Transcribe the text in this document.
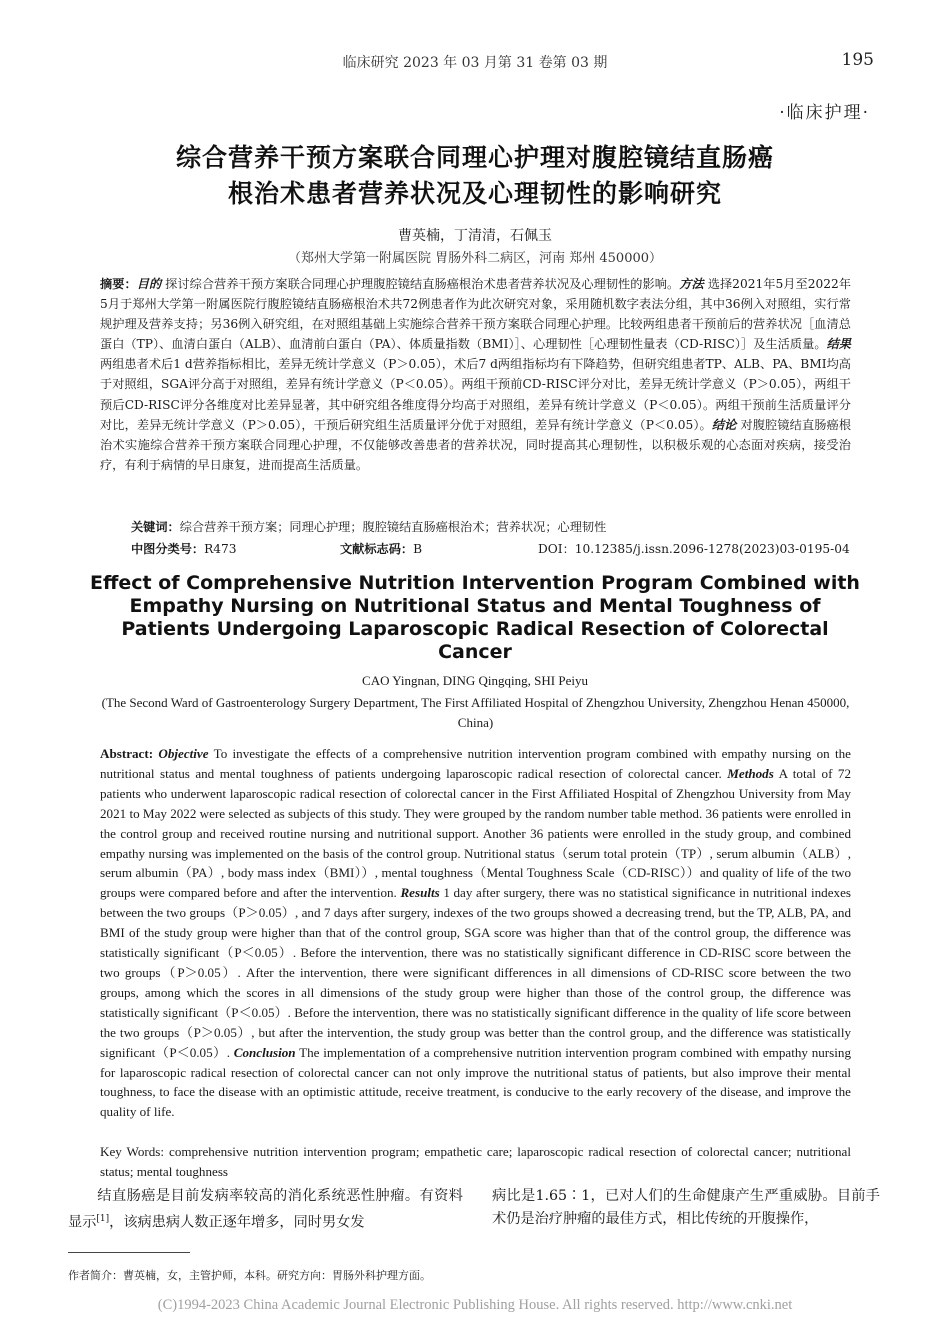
临床研究 2023 年 03 月第 31 卷第 03 期	195
·临床护理·
综合营养干预方案联合同理心护理对腹腔镜结直肠癌
根治术患者营养状况及心理韧性的影响研究
曹英楠，丁清清，石佩玉
（郑州大学第一附属医院 胃肠外科二病区，河南 郑州 450000）
摘要：目的 探讨综合营养干预方案联合同理心护理腹腔镜结直肠癌根治术患者营养状况及心理韧性的影响。方法 选择2021年5月至2022年5月于郑州大学第一附属医院行腹腔镜结直肠癌根治术共72例患者作为此次研究对象，采用随机数字表法分组，其中36例入对照组，实行常规护理及营养支持；另36例入研究组，在对照组基础上实施综合营养干预方案联合同理心护理。比较两组患者干预前后的营养状况［血清总蛋白（TP）、血清白蛋白（ALB）、血清前白蛋白（PA）、体质量指数（BMI）］、心理韧性［心理韧性量表（CD-RISC）］及生活质量。结果 两组患者术后1 d营养指标相比，差异无统计学意义（P＞0.05），术后7 d两组指标均有下降趋势，但研究组患者TP、ALB、PA、BMI均高于对照组，SGA评分高于对照组，差异有统计学意义（P＜0.05）。两组干预前CD-RISC评分对比，差异无统计学意义（P＞0.05），两组干预后CD-RISC评分各维度对比差异显著，其中研究组各维度得分均高于对照组，差异有统计学意义（P＜0.05）。两组干预前生活质量评分对比，差异无统计学意义（P＞0.05），干预后研究组生活质量评分优于对照组，差异有统计学意义（P＜0.05）。结论 对腹腔镜结直肠癌根治术实施综合营养干预方案联合同理心护理，不仅能够改善患者的营养状况，同时提高其心理韧性，以积极乐观的心态面对疾病，接受治疗，有利于病情的早日康复，进而提高生活质量。
关键词：综合营养干预方案；同理心护理；腹腔镜结直肠癌根治术；营养状况；心理韧性
中图分类号：R473	文献标志码：B	DOI：10.12385/j.issn.2096-1278(2023)03-0195-04
Effect of Comprehensive Nutrition Intervention Program Combined with Empathy Nursing on Nutritional Status and Mental Toughness of Patients Undergoing Laparoscopic Radical Resection of Colorectal Cancer
CAO Yingnan, DING Qingqing, SHI Peiyu
(The Second Ward of Gastroenterology Surgery Department, The First Affiliated Hospital of Zhengzhou University, Zhengzhou Henan 450000, China)
Abstract: Objective To investigate the effects of a comprehensive nutrition intervention program combined with empathy nursing on the nutritional status and mental toughness of patients undergoing laparoscopic radical resection of colorectal cancer. Methods A total of 72 patients who underwent laparoscopic radical resection of colorectal cancer in the First Affiliated Hospital of Zhengzhou University from May 2021 to May 2022 were selected as subjects of this study. They were grouped by the random number table method. 36 patients were enrolled in the control group and received routine nursing and nutritional support. Another 36 patients were enrolled in the study group, and combined empathy nursing was implemented on the basis of the control group. Nutritional status（serum total protein（TP）, serum albumin（ALB）, serum albumin（PA）, body mass index（BMI））, mental toughness（Mental Toughness Scale（CD-RISC））and quality of life of the two groups were compared before and after the intervention. Results 1 day after surgery, there was no statistical significance in nutritional indexes between the two groups（P＞0.05）, and 7 days after surgery, indexes of the two groups showed a decreasing trend, but the TP, ALB, PA, and BMI of the study group were higher than that of the control group, SGA score was higher than that of the control group, the difference was statistically significant（P＜0.05）. Before the intervention, there was no statistically significant difference in CD-RISC score between the two groups（P＞0.05）. After the intervention, there were significant differences in all dimensions of CD-RISC score between the two groups, among which the scores in all dimensions of the study group were higher than those of the control group, the difference was statistically significant（P＜0.05）. Before the intervention, there was no statistically significant difference in the quality of life score between the two groups（P＞0.05）, but after the intervention, the study group was better than the control group, and the difference was statistically significant（P＜0.05）. Conclusion The implementation of a comprehensive nutrition intervention program combined with empathy nursing for laparoscopic radical resection of colorectal cancer can not only improve the nutritional status of patients, but also improve their mental toughness, to face the disease with an optimistic attitude, receive treatment, is conducive to the early recovery of the disease, and improve the quality of life.
Key Words: comprehensive nutrition intervention program; empathetic care; laparoscopic radical resection of colorectal cancer; nutritional status; mental toughness
　　结直肠癌是目前发病率较高的消化系统恶性肿瘤。有资料显示[1]，该病患病人数正逐年增多，同时男女发
病比是1.65∶1，已对人们的生命健康产生严重威胁。目前手术仍是治疗肿瘤的最佳方式，相比传统的开腹操作，
作者简介：曹英楠，女，主管护师，本科。研究方向：胃肠外科护理方面。
(C)1994-2023 China Academic Journal Electronic Publishing House. All rights reserved. http://www.cnki.net
